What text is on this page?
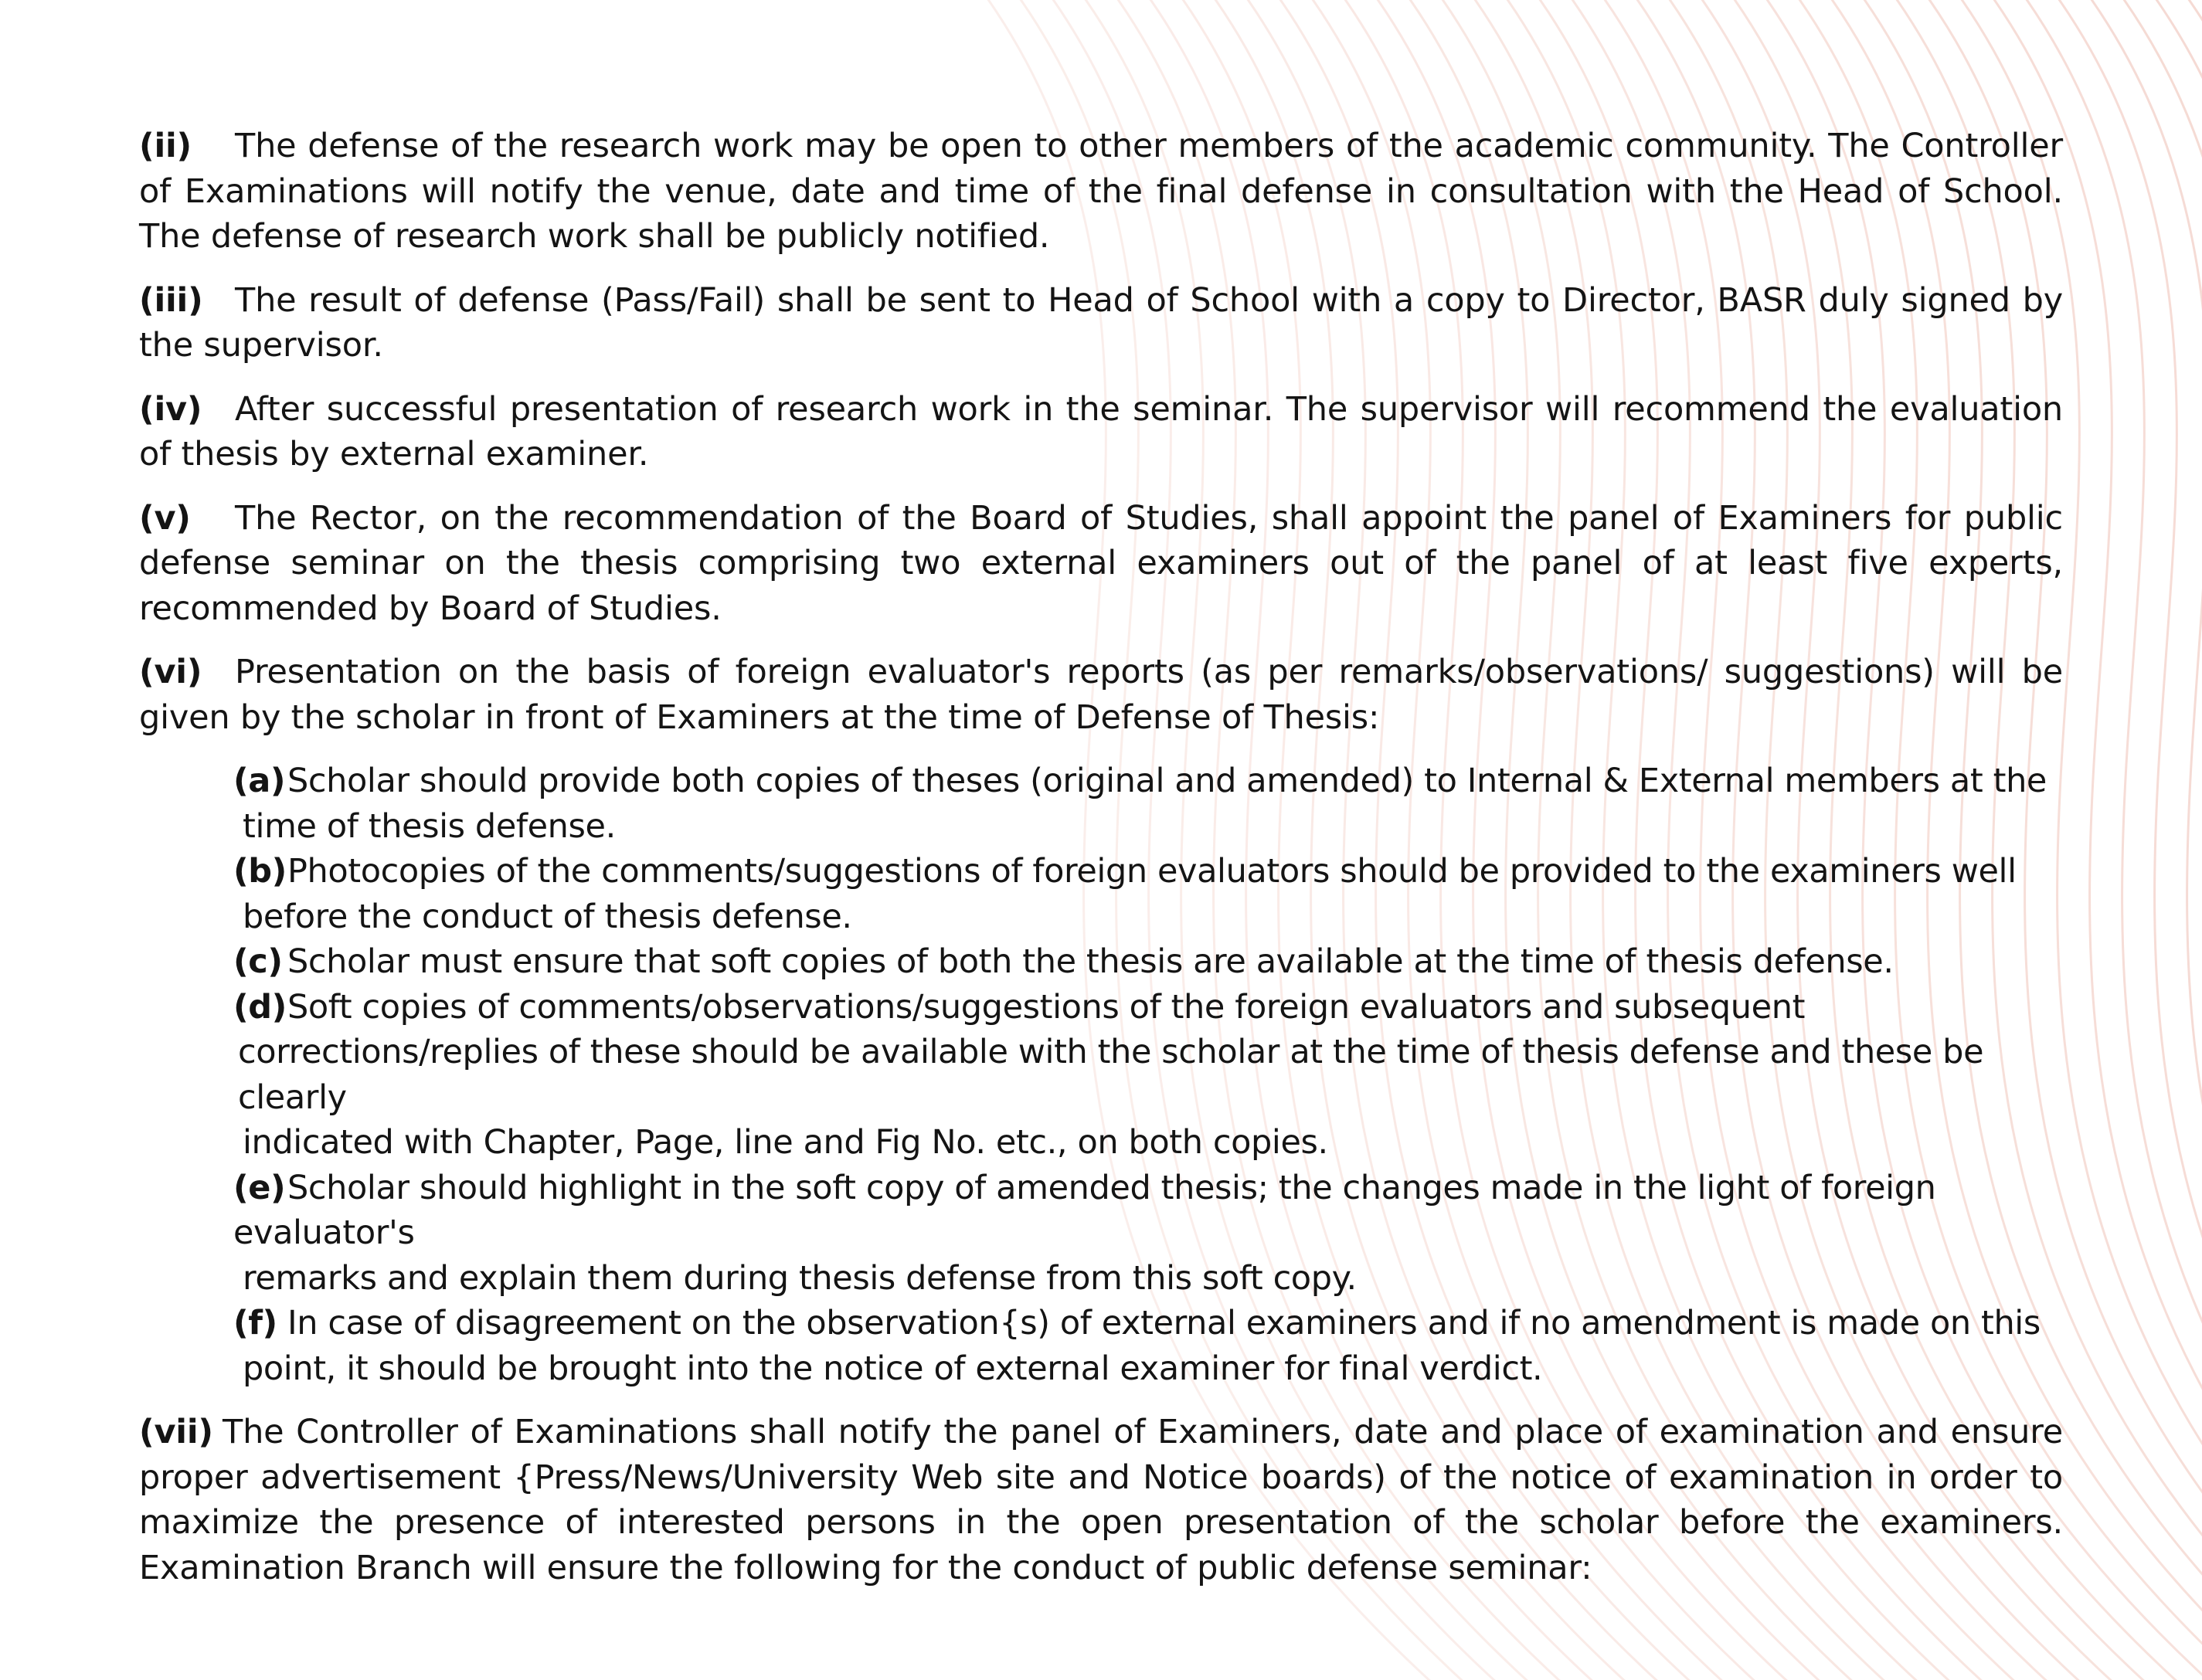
(ii) The defense of the research work may be open to other members of the academic community. The Controller of Examinations will notify the venue, date and time of the final defense in consultation with the Head of School. The defense of research work shall be publicly notified.

(iii) The result of defense (Pass/Fail) shall be sent to Head of School with a copy to Director, BASR duly signed by the supervisor.

(iv) After successful presentation of research work in the seminar. The supervisor will recommend the evaluation of thesis by external examiner.

(v) The Rector, on the recommendation of the Board of Studies, shall appoint the panel of Examiners for public defense seminar on the thesis comprising two external examiners out of the panel of at least five experts, recommended by Board of Studies.

(vi) Presentation on the basis of foreign evaluator's reports (as per remarks/observations/ suggestions) will be given by the scholar in front of Examiners at the time of Defense of Thesis:

(a)Scholar should provide both copies of theses (original and amended) to Internal & External members at the
time of thesis defense.
(b)Photocopies of the comments/suggestions of foreign evaluators should be provided to the examiners well
before the conduct of thesis defense.
(c) Scholar must ensure that soft copies of both the thesis are available at the time of thesis defense.
(d)Soft copies of comments/observations/suggestions of the foreign evaluators and subsequent
corrections/replies of these should be available with the scholar at the time of thesis defense and these be clearly
indicated with Chapter, Page, line and Fig No. etc., on both copies.
(e)Scholar should highlight in the soft copy of amended thesis; the changes made in the light of foreign evaluator's
remarks and explain them during thesis defense from this soft copy.
(f) In case of disagreement on the observation{s) of external examiners and if no amendment is made on this
point, it should be brought into the notice of external examiner for final verdict.

(vii) The Controller of Examinations shall notify the panel of Examiners, date and place of examination and ensure proper advertisement {Press/News/University Web site and Notice boards) of the notice of examination in order to maximize the presence of interested persons in the open presentation of the scholar before the examiners. Examination Branch will ensure the following for the conduct of public defense seminar:
